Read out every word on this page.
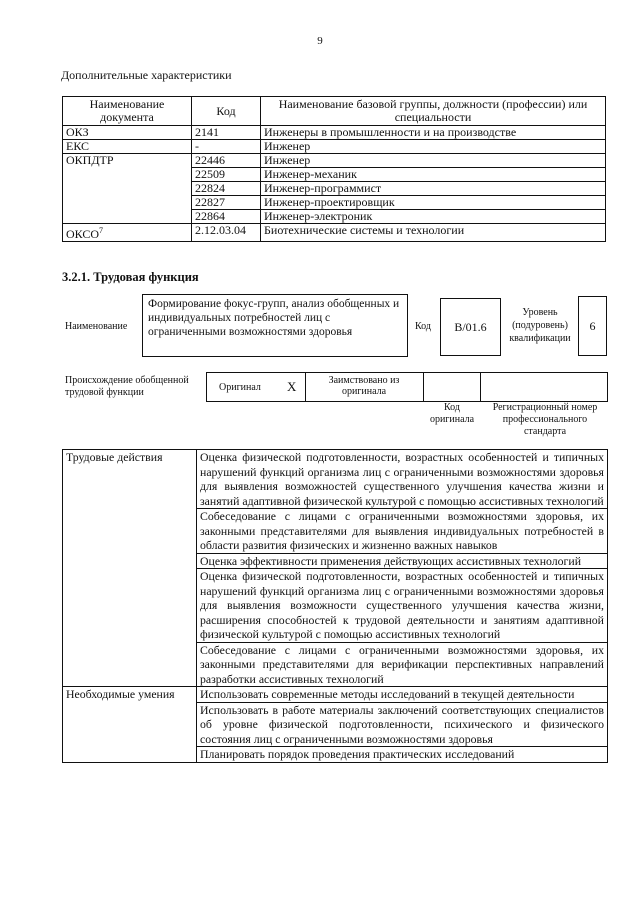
9
Дополнительные характеристики
Наименование документа	Код	Наименование базовой группы, должности (профессии) или специальности
ОКЗ	2141	Инженеры в промышленности и на производстве
ЕКС	-	Инженер
ОКПДТР	22446	Инженер
	22509	Инженер-механик
	22824	Инженер-программист
	22827	Инженер-проектировщик
	22864	Инженер-электроник
ОКСО$^7$	2.12.03.04	Биотехнические системы и технологии
3.2.1. Трудовая функция
Наименование
Формирование фокус-групп, анализ обобщенных и индивидуальных потребностей лиц с ограниченными возможностями здоровья	Код	B/01.6
Уровень (подуровень) квалификации
6
Происхождение обобщенной трудовой функции	Оригинал X	Заимствовано из оригинала
Код оригинала
Регистрационный номер профессионального стандарта
Трудовые действия	Оценка физической подготовленности, возрастных особенностей и типичных нарушений функций организма лиц с ограниченными возможностями здоровья для выявления возможностей существенного улучшения качества жизни и занятий адаптивной физической культурой с помощью ассистивных технологий
	Собеседование с лицами с ограниченными возможностями здоровья, их законными представителями для выявления индивидуальных потребностей в области развития физических и жизненно важных навыков
	Оценка эффективности применения действующих ассистивных технологий
	Оценка физической подготовленности, возрастных особенностей и типичных нарушений функций организма лиц с ограниченными возможностями здоровья для выявления возможности существенного улучшения качества жизни, расширения способностей к трудовой деятельности и занятиям адаптивной физической культурой с помощью ассистивных технологий
	Собеседование с лицами с ограниченными возможностями здоровья, их законными представителями для верификации перспективных направлений разработки ассистивных технологий
Необходимые умения	Использовать современные методы исследований в текущей деятельности
	Использовать в работе материалы заключений соответствующих специалистов об уровне физической подготовленности, психического и физического состояния лиц с ограниченными возможностями здоровья
	Планировать порядок проведения практических исследований
